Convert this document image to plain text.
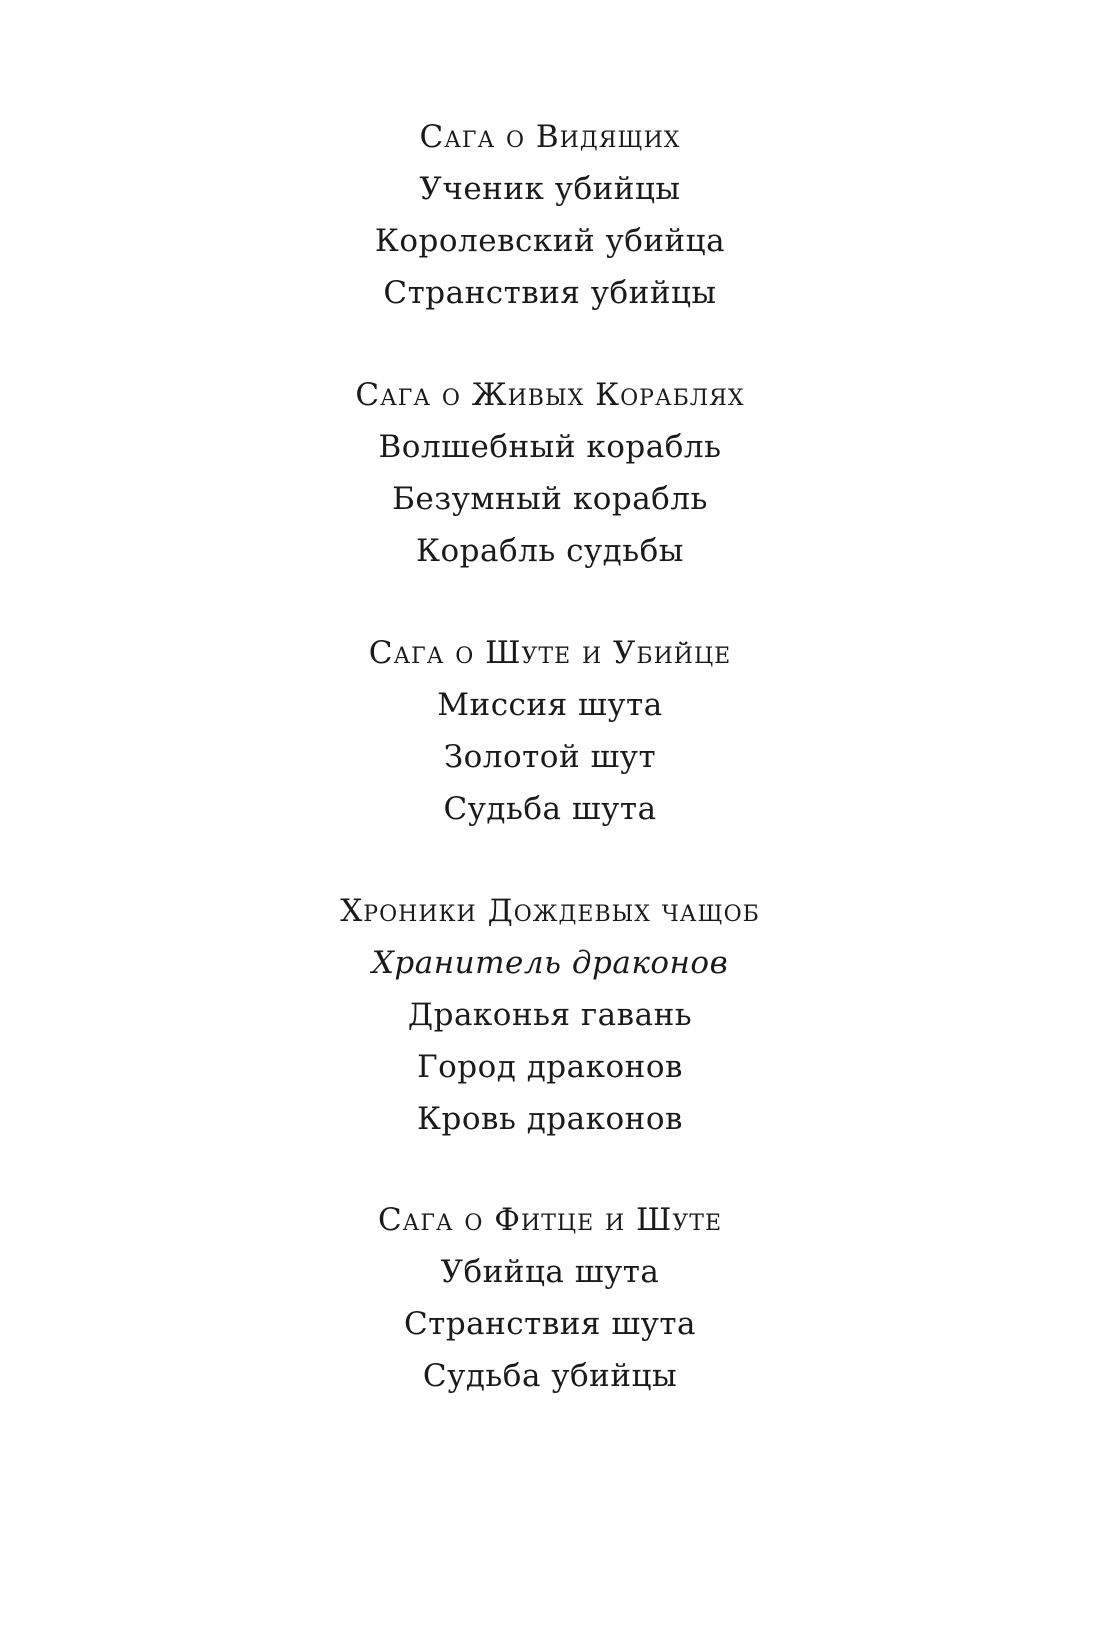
Сага о Видящих
Ученик убийцы
Королевский убийца
Странствия убийцы
Сага о Живых Кораблях
Волшебный корабль
Безумный корабль
Корабль судьбы
Сага о Шуте и Убийце
Миссия шута
Золотой шут
Судьба шута
Хроники Дождевых чащоб
Хранитель драконов
Драконья гавань
Город драконов
Кровь драконов
Сага о Фитце и Шуте
Убийца шута
Странствия шута
Судьба убийцы
